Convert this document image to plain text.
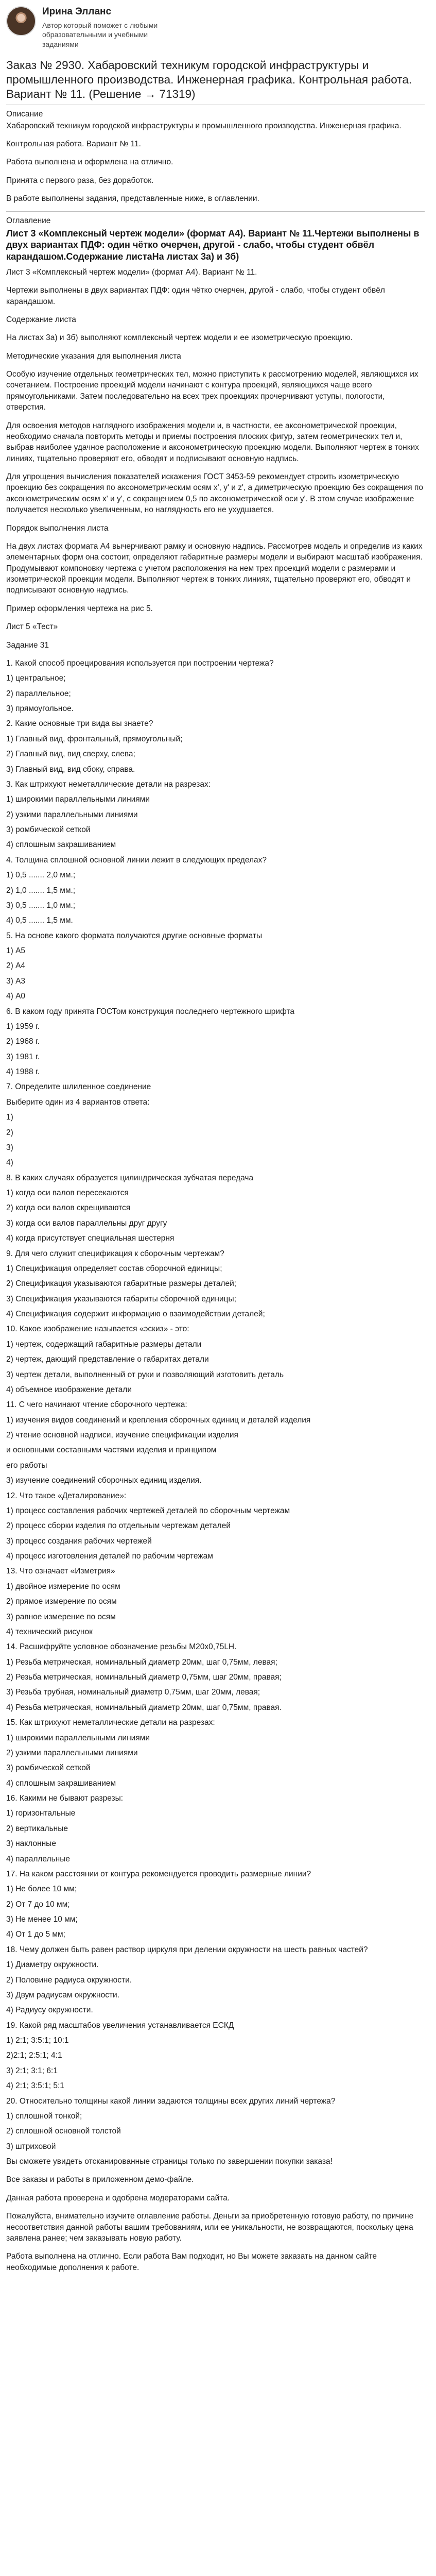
Ирина Элланс
Автор который поможет с любыми образовательными и учебными заданиями
Заказ № 2930. Хабаровский техникум городской инфраструктуры и промышленного производства. Инженерная графика. Контрольная работа. Вариант № 11. (Решение → 71319)
Описание
Хабаровский техникум городской инфраструктуры и промышленного производства. Инженерная графика.
Контрольная работа. Вариант № 11.
Работа выполнена и оформлена на отлично.
Принята с первого раза, без доработок.
В работе выполнены задания, представленные ниже, в оглавлении.
Оглавление
Лист 3 «Комплексный чертеж модели» (формат А4). Вариант № 11.Чертежи выполнены в двух вариантах ПДФ: один чётко очерчен, другой - слабо, чтобы студент обвёл карандашом.Содержание листаНа листах 3а) и 3б)
Лист 3 «Комплексный чертеж модели» (формат А4). Вариант № 11.
Чертежи выполнены в двух вариантах ПДФ: один чётко очерчен, другой - слабо, чтобы студент обвёл карандашом.
Содержание листа
На листах 3а) и 3б) выполняют комплексный чертеж модели и ее изометрическую проекцию.
Методические указания для выполнения листа
Особую изучение отдельных геометрических тел, можно приступить к рассмотрению моделей, являющихся их сочетанием. Построение проекций модели начинают с контура проекций, являющихся чаще всего прямоугольниками. Затем последовательно на всех трех проекциях прочерчивают уступы, пологости, отверстия.
Для освоения методов наглядного изображения модели и, в частности, ее аксонометрической проекции, необходимо сначала повторить методы и приемы построения плоских фигур, затем геометрических тел и, выбрав наиболее удачное расположение и аксонометрическую проекцию модели. Выполняют чертеж в тонких линиях, тщательно проверяют его, обводят и подписывают основную надпись.
Для упрощения вычисления показателей искажения ГОСТ 3453-59 рекомендует строить изометрическую проекцию без сокращения по аксонометрическим осям x', y' и z', а диметрическую проекцию без сокращения по аксонометрическим осям x' и y', с сокращением 0,5 по аксонометрической оси y'. В этом случае изображение получается несколько увеличенным, но наглядность его не ухудшается.
Порядок выполнения листа
На двух листах формата А4 вычерчивают рамку и основную надпись. Рассмотрев модель и определив из каких элементарных форм она состоит, определяют габаритные размеры модели и выбирают масштаб изображения. Продумывают компоновку чертежа с учетом расположения на нем трех проекций модели с размерами и изометрической проекции модели. Выполняют чертеж в тонких линиях, тщательно проверяют его, обводят и подписывают основную надпись.
Пример оформления чертежа на рис 5.
Лист 5 «Тест»
Задание 31
1. Какой способ проецирования используется при построении чертежа?
1) центральное;
2) параллельное;
3) прямоугольное.
2. Какие основные три вида вы знаете?
1) Главный вид, фронтальный, прямоугольный;
2) Главный вид, вид сверху, слева;
3) Главный вид, вид сбоку, справа.
3. Как штрихуют неметаллические детали на разрезах:
1) широкими параллельными линиями
2) узкими параллельными линиями
3) ромбической сеткой
4) сплошным закрашиванием
4. Толщина сплошной основной линии лежит в следующих пределах?
1) 0,5 ....... 2,0 мм.;
2) 1,0 ....... 1,5 мм.;
3) 0,5 ....... 1,0 мм.;
4) 0,5 ....... 1,5 мм.
5. На основе какого формата получаются другие основные форматы
1) А5
2) А4
3) А3
4) А0
6. В каком году принята ГОСТом конструкция последнего чертежного шрифта
1) 1959 г.
2) 1968 г.
3) 1981 г.
4) 1988 г.
7. Определите шлиленное соединение
Выберите один из 4 вариантов ответа:
1)
2)
3)
4)
8. В каких случаях образуется цилиндрическая зубчатая передача
1) когда оси валов пересекаются
2) когда оси валов скрещиваются
3) когда оси валов параллельны друг другу
4) когда присутствует специальная шестерня
9. Для чего служит спецификация к сборочным чертежам?
1) Спецификация определяет состав сборочной единицы;
2) Спецификация указываются габаритные размеры деталей;
3) Спецификация указываются габариты сборочной единицы;
4) Спецификация содержит информацию о взаимодействии деталей;
10. Какое изображение называется «эскиз» - это:
1) чертеж, содержащий габаритные размеры детали
2) чертеж, дающий представление о габаритах детали
3) чертеж детали, выполненный от руки и позволяющий изготовить деталь
4) объемное изображение детали
11. С чего начинают чтение сборочного чертежа:
1) изучения видов соединений и крепления сборочных единиц и деталей изделия
2) чтение основной надписи, изучение спецификации изделия
и основными составными частями изделия и принципом
его работы
3) изучение соединений сборочных единиц изделия.
12. Что такое «Деталирование»:
1) процесс составления рабочих чертежей деталей по сборочным чертежам
2) процесс сборки изделия по отдельным чертежам деталей
3) процесс создания рабочих чертежей
4) процесс изготовления деталей по рабочим чертежам
13. Что означает «Изметрия»
1) двойное измерение по осям
2) прямое измерение по осям
3) равное измерение по осям
4) технический рисунок
14. Расшифруйте условное обозначение резьбы М20х0,75LH.
1) Резьба метрическая, номинальный диаметр 20мм, шаг 0,75мм, левая;
2) Резьба метрическая, номинальный диаметр 0,75мм, шаг 20мм, правая;
3) Резьба трубная, номинальный диаметр 0,75мм, шаг 20мм, левая;
4) Резьба метрическая, номинальный диаметр 20мм, шаг 0,75мм, правая.
15. Как штрихуют неметаллические детали на разрезах:
1) широкими параллельными линиями
2) узкими параллельными линиями
3) ромбической сеткой
4) сплошным закрашиванием
16. Какими не бывают разрезы:
1) горизонтальные
2) вертикальные
3) наклонные
4) параллельные
17. На каком расстоянии от контура рекомендуется проводить размерные линии?
1) Не более 10 мм;
2) От 7 до 10 мм;
3) Не менее 10 мм;
4) От 1 до 5 мм;
18. Чему должен быть равен раствор циркуля при делении окружности на шесть равных частей?
1) Диаметру окружности.
2) Половине радиуса окружности.
3) Двум радиусам окружности.
4) Радиусу окружности.
19. Какой ряд масштабов увеличения устанавливается ЕСКД
1) 2:1; 3:5:1; 10:1
2)2:1; 2:5:1; 4:1
3) 2:1; 3:1; 6:1
4) 2:1; 3:5:1; 5:1
20. Относительно толщины какой линии задаются толщины всех других линий чертежа?
1) сплошной тонкой;
2) сплошной основной толстой
3) штриховой
Вы сможете увидеть отсканированные страницы только по завершении покупки заказа!
Все заказы и работы в приложенном демо-файле.
Данная работа проверена и одобрена модераторами сайта.
Пожалуйста, внимательно изучите оглавление работы. Деньги за приобретенную готовую работу, по причине несоответствия данной работы вашим требованиям, или ее уникальности, не возвращаются, поскольку цена заявлена ранее; чем заказывать новую работу.
Работа выполнена на отлично. Если работа Вам подходит, но Вы можете заказать на данном сайте необходимые дополнения к работе.
